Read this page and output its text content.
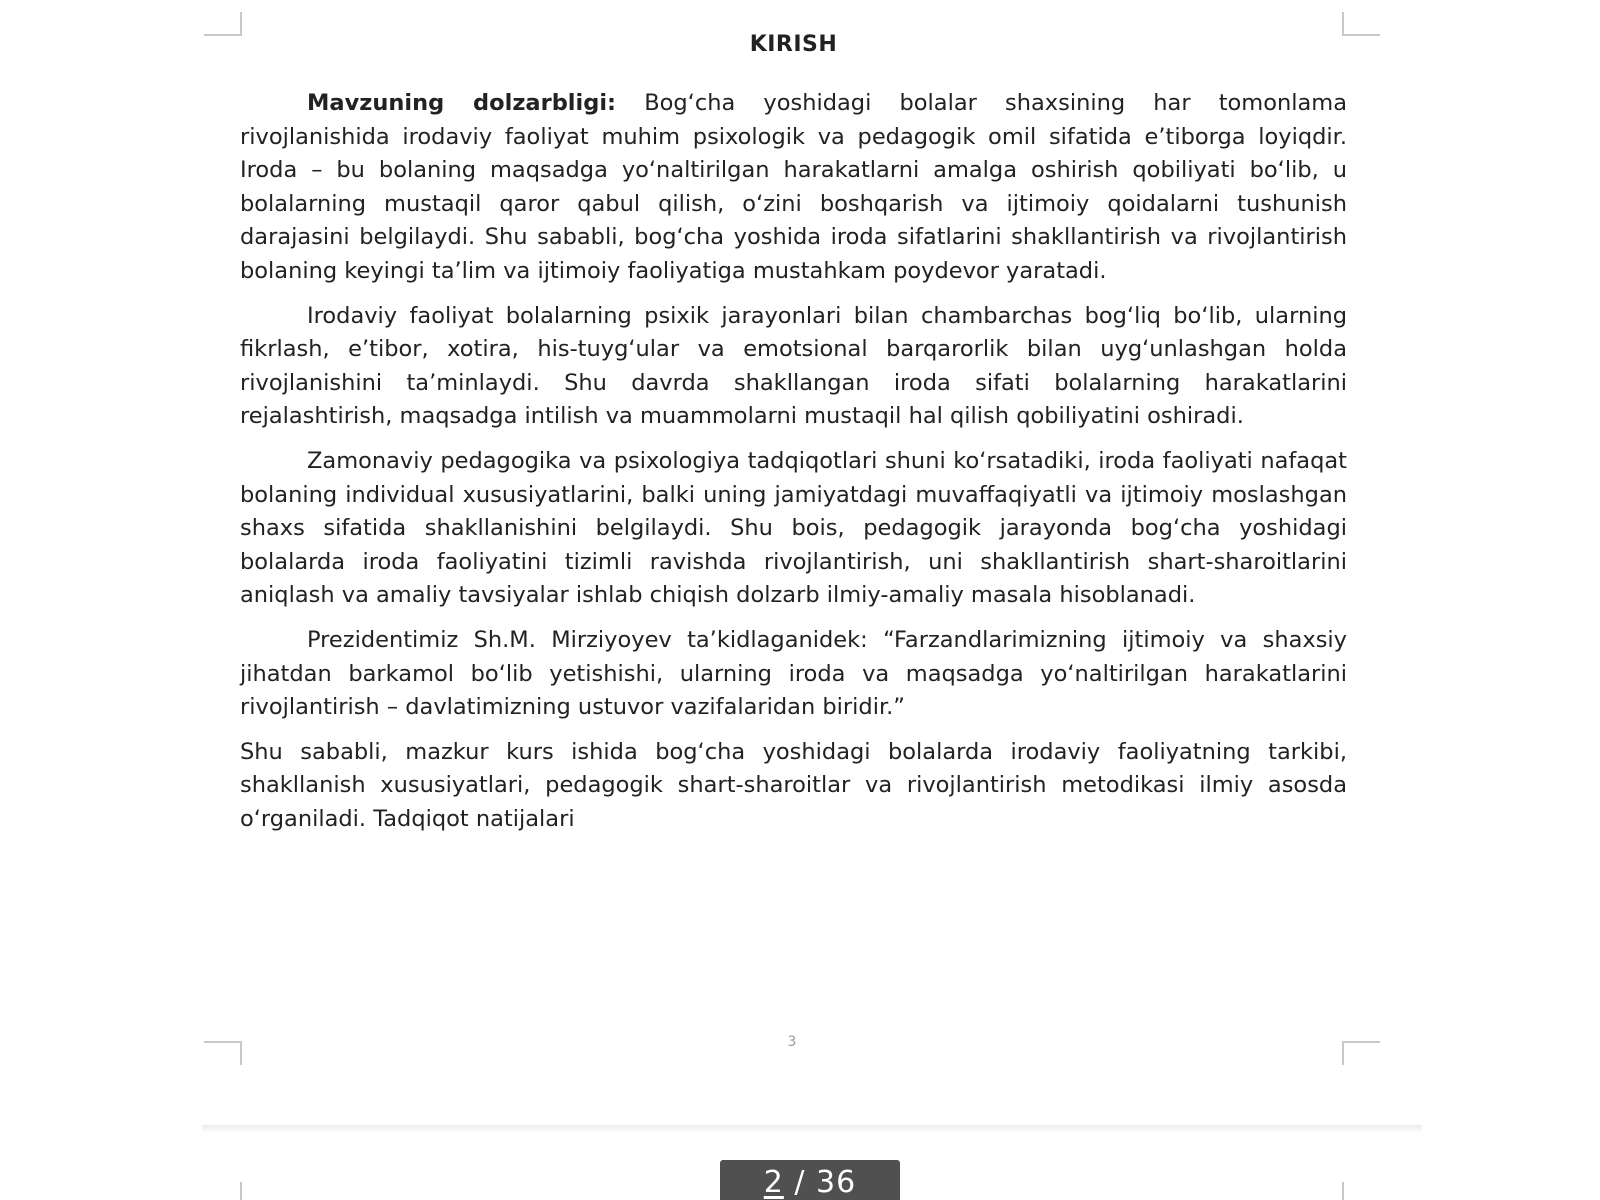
KIRISH

Mavzuning dolzarbligi: Bog‘cha yoshidagi bolalar shaxsining har tomonlama rivojlanishida irodaviy faoliyat muhim psixologik va pedagogik omil sifatida e’tiborga loyiqdir. Iroda – bu bolaning maqsadga yo‘naltirilgan harakatlarni amalga oshirish qobiliyati bo‘lib, u bolalarning mustaqil qaror qabul qilish, o‘zini boshqarish va ijtimoiy qoidalarni tushunish darajasini belgilaydi. Shu sababli, bog‘cha yoshida iroda sifatlarini shakllantirish va rivojlantirish bolaning keyingi ta’lim va ijtimoiy faoliyatiga mustahkam poydevor yaratadi.

Irodaviy faoliyat bolalarning psixik jarayonlari bilan chambarchas bog‘liq bo‘lib, ularning fikrlash, e’tibor, xotira, his-tuyg‘ular va emotsional barqarorlik bilan uyg‘unlashgan holda rivojlanishini ta’minlaydi. Shu davrda shakllangan iroda sifati bolalarning harakatlarini rejalashtirish, maqsadga intilish va muammolarni mustaqil hal qilish qobiliyatini oshiradi.

Zamonaviy pedagogika va psixologiya tadqiqotlari shuni ko‘rsatadiki, iroda faoliyati nafaqat bolaning individual xususiyatlarini, balki uning jamiyatdagi muvaffaqiyatli va ijtimoiy moslashgan shaxs sifatida shakllanishini belgilaydi. Shu bois, pedagogik jarayonda bog‘cha yoshidagi bolalarda iroda faoliyatini tizimli ravishda rivojlantirish, uni shakllantirish shart-sharoitlarini aniqlash va amaliy tavsiyalar ishlab chiqish dolzarb ilmiy-amaliy masala hisoblanadi.

Prezidentimiz Sh.M. Mirziyoyev ta’kidlaganidek: “Farzandlarimizning ijtimoiy va shaxsiy jihatdan barkamol bo‘lib yetishishi, ularning iroda va maqsadga yo‘naltirilgan harakatlarini rivojlantirish – davlatimizning ustuvor vazifalaridan biridir.”

Shu sababli, mazkur kurs ishida bog‘cha yoshidagi bolalarda irodaviy faoliyatning tarkibi, shakllanish xususiyatlari, pedagogik shart-sharoitlar va rivojlantirish metodikasi ilmiy asosda o‘rganiladi. Tadqiqot natijalari

3
2 / 36
